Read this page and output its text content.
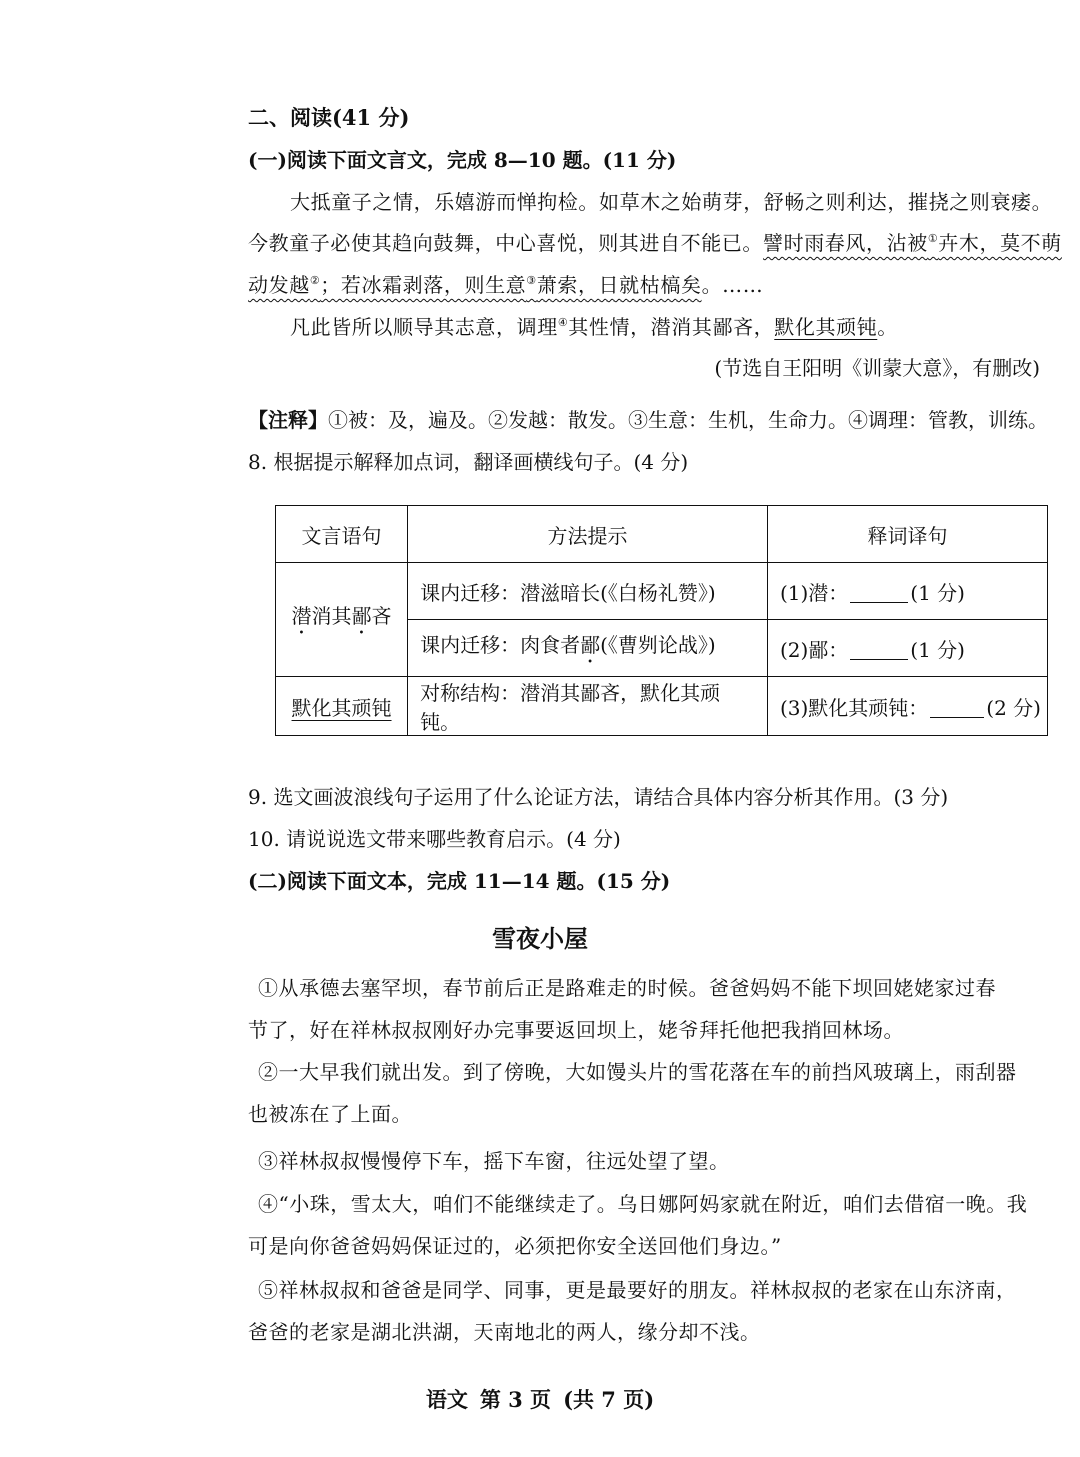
二、阅读(41 分)
(一)阅读下面文言文，完成 8—10 题。(11 分)
大抵童子之情，乐嬉游而惮拘检。如草木之始萌芽，舒畅之则利达，摧挠之则衰痿。
今教童子必使其趋向鼓舞，中心喜悦，则其进自不能已。譬时雨春风，沾被①卉木，莫不萌
动发越②；若冰霜剥落，则生意③萧索，日就枯槁矣。……
凡此皆所以顺导其志意，调理④其性情，潜消其鄙吝，默化其顽钝。
(节选自王阳明《训蒙大意》，有删改)
【注释】①被：及，遍及。②发越：散发。③生意：生机，生命力。④调理：管教，训练。
8. 根据提示解释加点词，翻译画横线句子。(4 分)
文言语句	方法提示	释词译句
潜消其鄙吝	课内迁移：潜滋暗长(《白杨礼赞》)	(1)潜： (1 分)
	课内迁移：肉食者鄙(《曹刿论战》)	(2)鄙： (1 分)
默化其顽钝	对称结构：潜消其鄙吝，默化其顽钝。	(3)默化其顽钝： (2 分)
9. 选文画波浪线句子运用了什么论证方法，请结合具体内容分析其作用。(3 分)
10. 请说说选文带来哪些教育启示。(4 分)
(二)阅读下面文本，完成 11—14 题。(15 分)
雪夜小屋
①从承德去塞罕坝，春节前后正是路难走的时候。爸爸妈妈不能下坝回姥姥家过春
节了，好在祥林叔叔刚好办完事要返回坝上，姥爷拜托他把我捎回林场。
②一大早我们就出发。到了傍晚，大如馒头片的雪花落在车的前挡风玻璃上，雨刮器
也被冻在了上面。
③祥林叔叔慢慢停下车，摇下车窗，往远处望了望。
④“小珠，雪太大，咱们不能继续走了。乌日娜阿妈家就在附近，咱们去借宿一晚。我
可是向你爸爸妈妈保证过的，必须把你安全送回他们身边。”
⑤祥林叔叔和爸爸是同学、同事，更是最要好的朋友。祥林叔叔的老家在山东济南，
爸爸的老家是湖北洪湖，天南地北的两人，缘分却不浅。
语文 第 3 页 (共 7 页)
